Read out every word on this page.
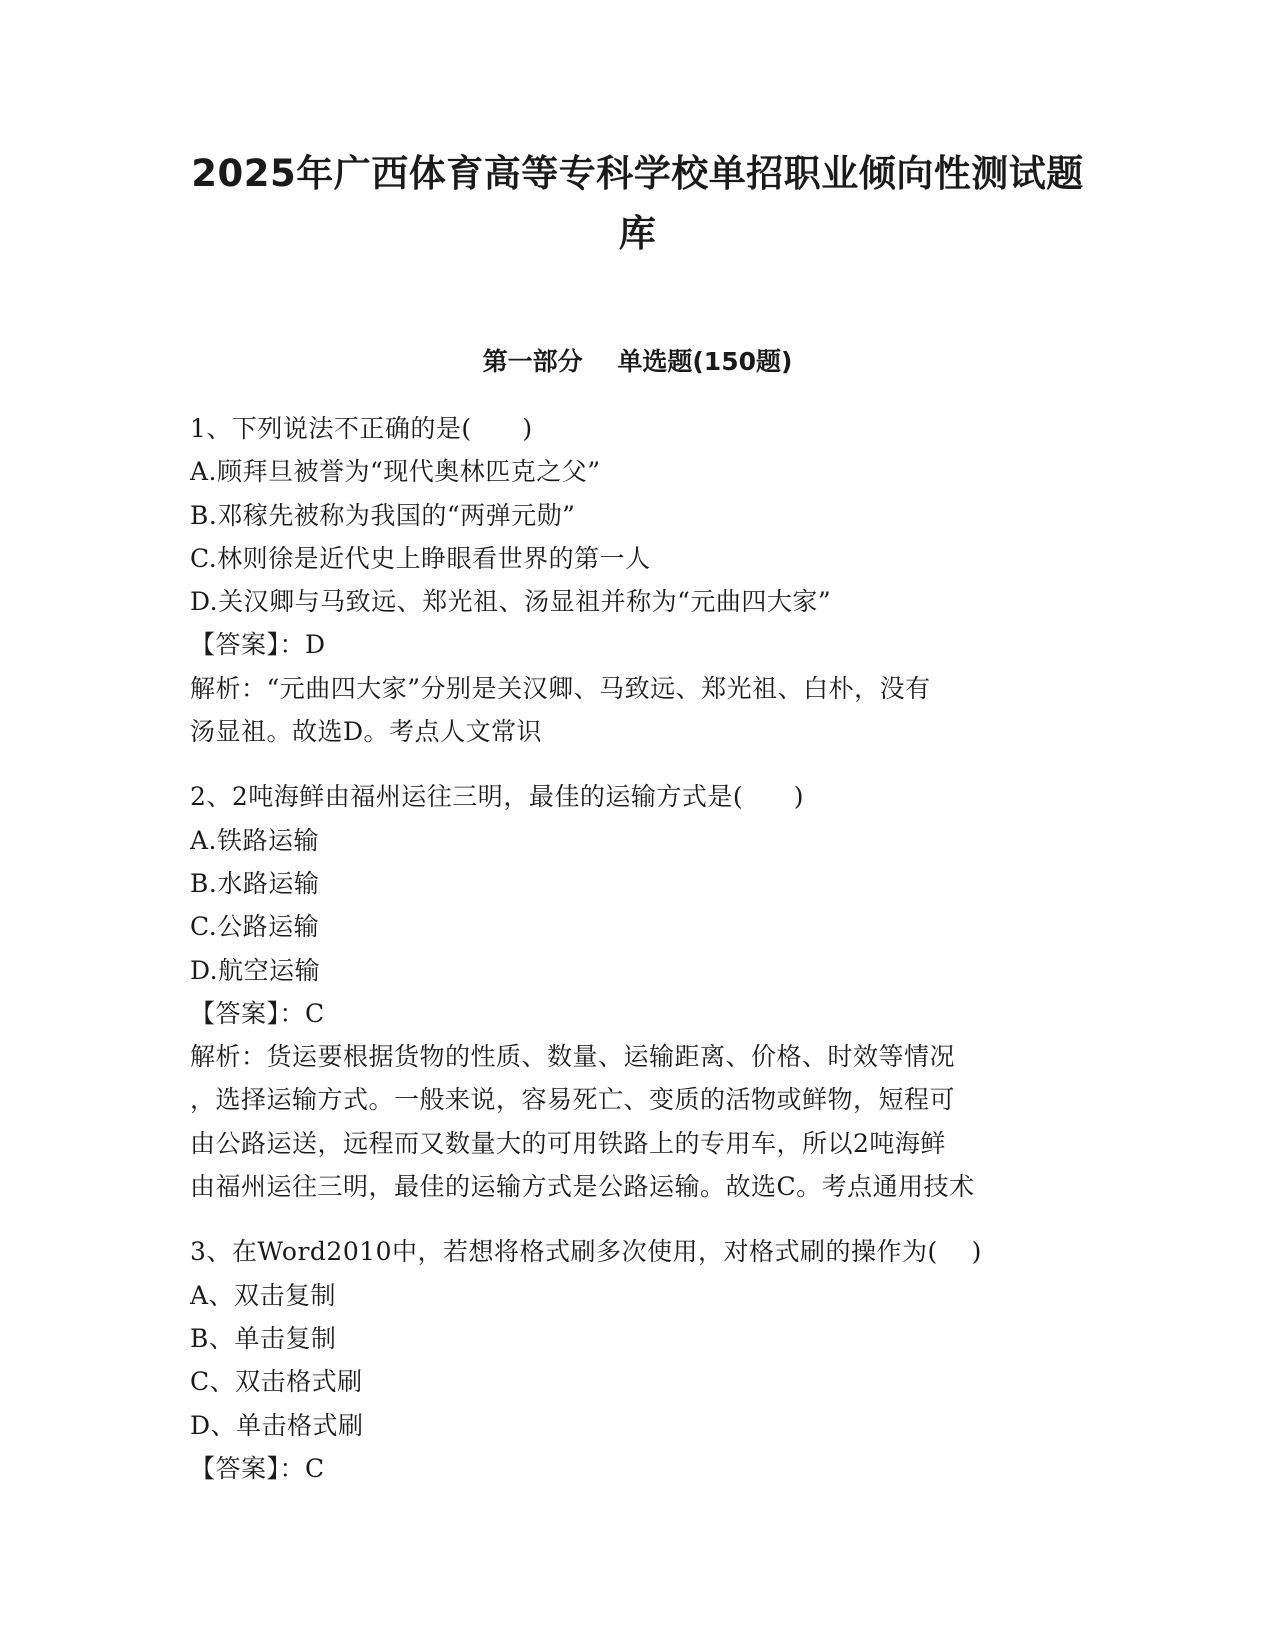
2025年广西体育高等专科学校单招职业倾向性测试题
库
第一部分    单选题(150题)
1、下列说法不正确的是(      )
A.顾拜旦被誉为“现代奥林匹克之父”
B.邓稼先被称为我国的“两弹元勋”
C.林则徐是近代史上睁眼看世界的第一人
D.关汉卿与马致远、郑光祖、汤显祖并称为“元曲四大家”
【答案】：D
解析：“元曲四大家”分别是关汉卿、马致远、郑光祖、白朴，没有
汤显祖。故选D。考点人文常识
2、2吨海鲜由福州运往三明，最佳的运输方式是(      )
A.铁路运输
B.水路运输
C.公路运输
D.航空运输
【答案】：C
解析：货运要根据货物的性质、数量、运输距离、价格、时效等情况
，选择运输方式。一般来说，容易死亡、变质的活物或鲜物，短程可
由公路运送，远程而又数量大的可用铁路上的专用车，所以2吨海鲜
由福州运往三明，最佳的运输方式是公路运输。故选C。考点通用技术
3、在Word2010中，若想将格式刷多次使用，对格式刷的操作为(    )
A、双击复制
B、单击复制
C、双击格式刷
D、单击格式刷
【答案】：C
